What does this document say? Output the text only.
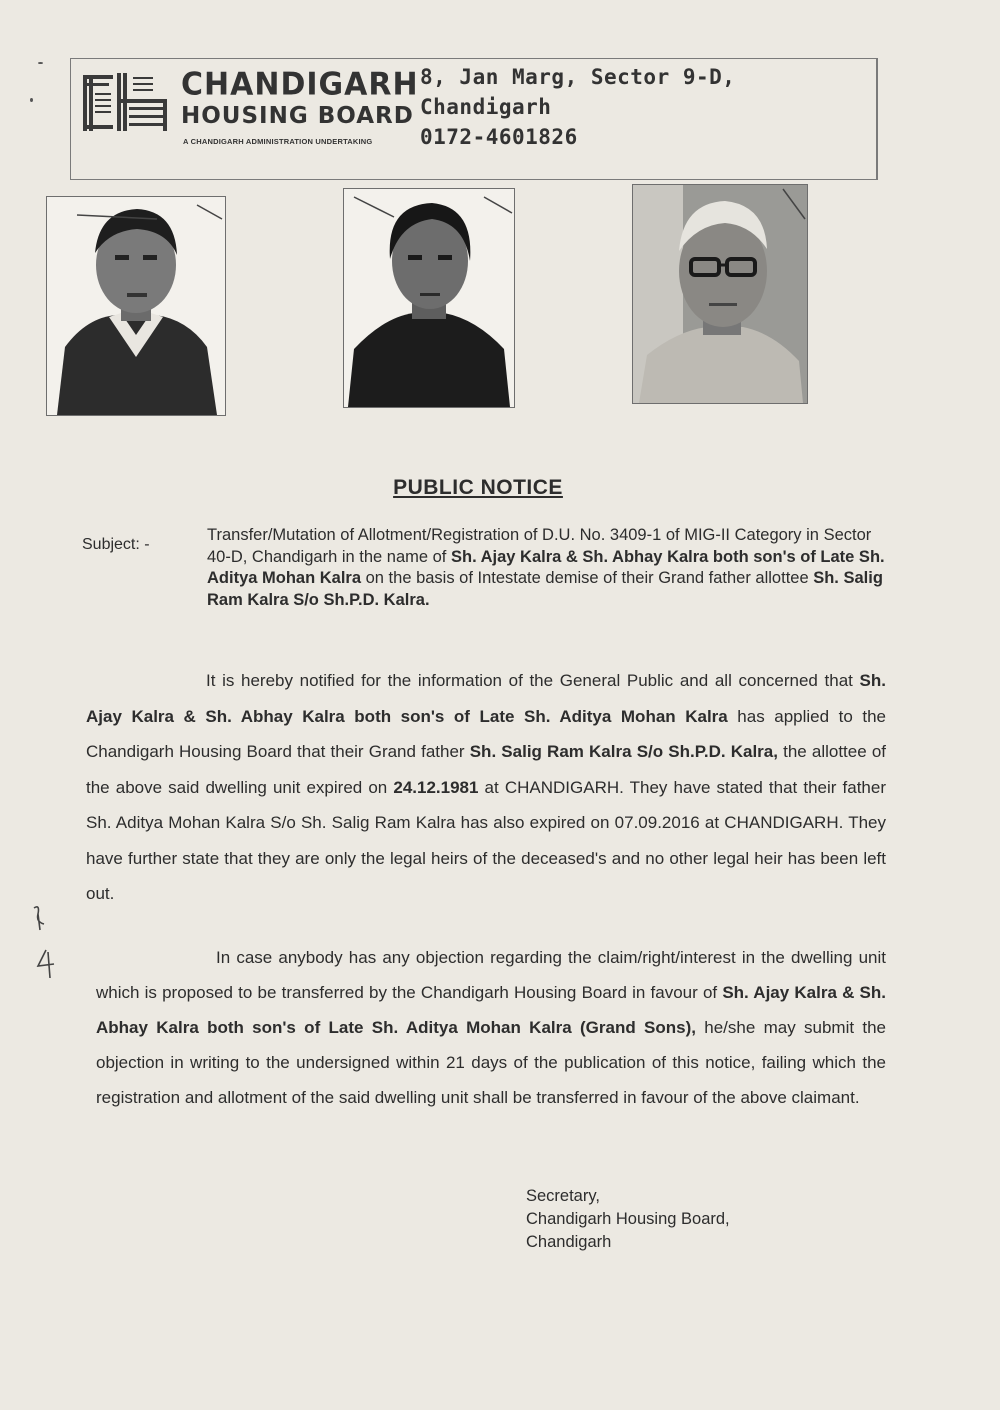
CHANDIGARH
HOUSING BOARD
A CHANDIGARH ADMINISTRATION UNDERTAKING
8, Jan Marg, Sector 9-D,
Chandigarh
0172-4601826
PUBLIC NOTICE
Subject: -
Transfer/Mutation of Allotment/Registration of D.U. No. 3409-1 of MIG-II Category in Sector 40-D, Chandigarh in the name of Sh. Ajay Kalra & Sh. Abhay Kalra both son's of Late Sh. Aditya Mohan Kalra on the basis of Intestate demise of their Grand father allottee Sh. Salig Ram Kalra S/o Sh.P.D. Kalra.
It is hereby notified for the information of the General Public and all concerned that Sh. Ajay Kalra & Sh. Abhay Kalra both son's of Late Sh. Aditya Mohan Kalra has applied to the Chandigarh Housing Board that their Grand father Sh. Salig Ram Kalra S/o Sh.P.D. Kalra, the allottee of the above said dwelling unit expired on 24.12.1981 at CHANDIGARH. They have stated that their father Sh. Aditya Mohan Kalra S/o Sh. Salig Ram Kalra has also expired on 07.09.2016 at CHANDIGARH. They have further state that they are only the legal heirs of the deceased's and no other legal heir has been left out.
In case anybody has any objection regarding the claim/right/interest in the dwelling unit which is proposed to be transferred by the Chandigarh Housing Board in favour of Sh. Ajay Kalra & Sh. Abhay Kalra both son's of Late Sh. Aditya Mohan Kalra (Grand Sons), he/she may submit the objection in writing to the undersigned within 21 days of the publication of this notice, failing which the registration and allotment of the said dwelling unit shall be transferred in favour of the above claimant.
Secretary,
Chandigarh Housing Board,
Chandigarh
